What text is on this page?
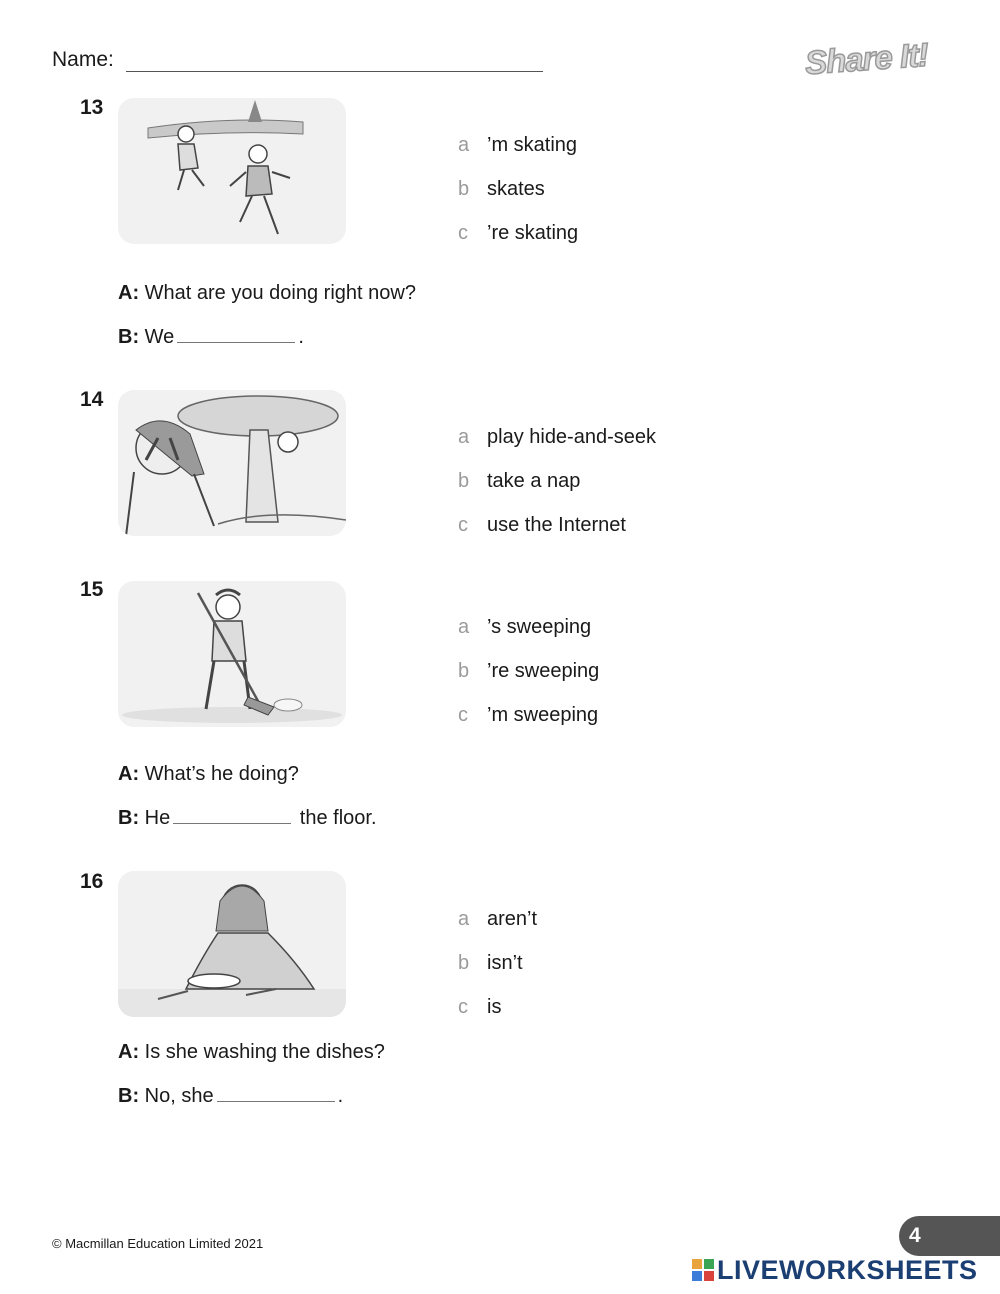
Name:	Share It!
13
a ’m skating
b skates
c ’re skating
A: What are you doing right now?
B: We	.
14
a play hide-and-seek
b take a nap
c use the Internet
15
a ’s sweeping
b ’re sweeping
c ’m sweeping
A: What’s he doing?
B: He	the floor.
16
a aren’t
b isn’t
c is
A: Is she washing the dishes?
B: No, she	.
© Macmillan Education Limited 2021	4
LIVEWORKSHEETS
